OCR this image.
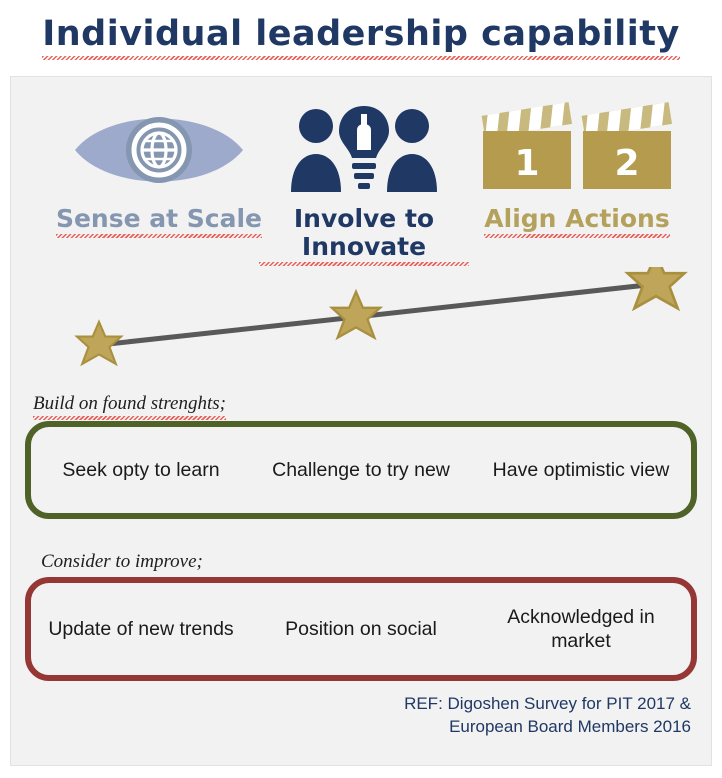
Individual leadership capability
Sense at Scale	Involve to Innovate
1 2
Align Actions
Build on found strenghts;
Seek opty to learn	Challenge to try new	Have optimistic view
Consider to improve;
Update of new trends	Position on social
Acknowledged in market
REF: Digoshen Survey for PIT 2017 &
European Board Members 2016
